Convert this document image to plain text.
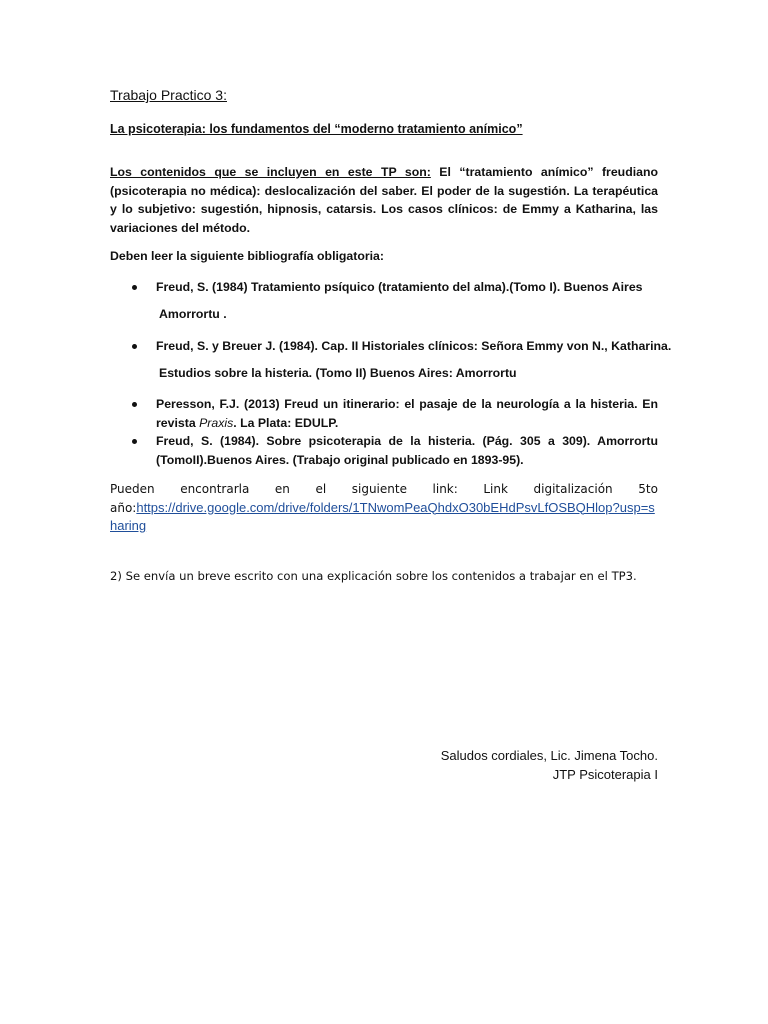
Trabajo Practico 3:
La psicoterapia: los fundamentos del “moderno tratamiento anímico”
Los contenidos que se incluyen en este TP son: El “tratamiento anímico” freudiano (psicoterapia no médica): deslocalización del saber. El poder de la sugestión. La terapéutica y lo subjetivo: sugestión, hipnosis, catarsis. Los casos clínicos: de Emmy a Katharina, las variaciones del método.
Deben leer la siguiente bibliografía obligatoria:
Freud, S. (1984) Tratamiento psíquico (tratamiento del alma).(Tomo I). Buenos Aires
Amorrortu .
Freud, S. y Breuer J. (1984). Cap. II Historiales clínicos: Señora Emmy von N., Katharina.
Estudios sobre la histeria. (Tomo II) Buenos Aires: Amorrortu
Peresson, F.J. (2013) Freud un itinerario: el pasaje de la neurología a la histeria. En revista Praxis. La Plata: EDULP.
Freud, S. (1984). Sobre psicoterapia de la histeria. (Pág. 305 a 309). Amorrortu (TomoII).Buenos Aires. (Trabajo original publicado en 1893-95).
Pueden encontrarla en el siguiente link: Link digitalización 5to
año:https://drive.google.com/drive/folders/1TNwomPeaQhdxO30bEHdPsvLfOSBQHlop?usp=sharing
2) Se envía un breve escrito con una explicación sobre los contenidos a trabajar en el TP3.
Saludos cordiales, Lic. Jimena Tocho.
JTP Psicoterapia I
